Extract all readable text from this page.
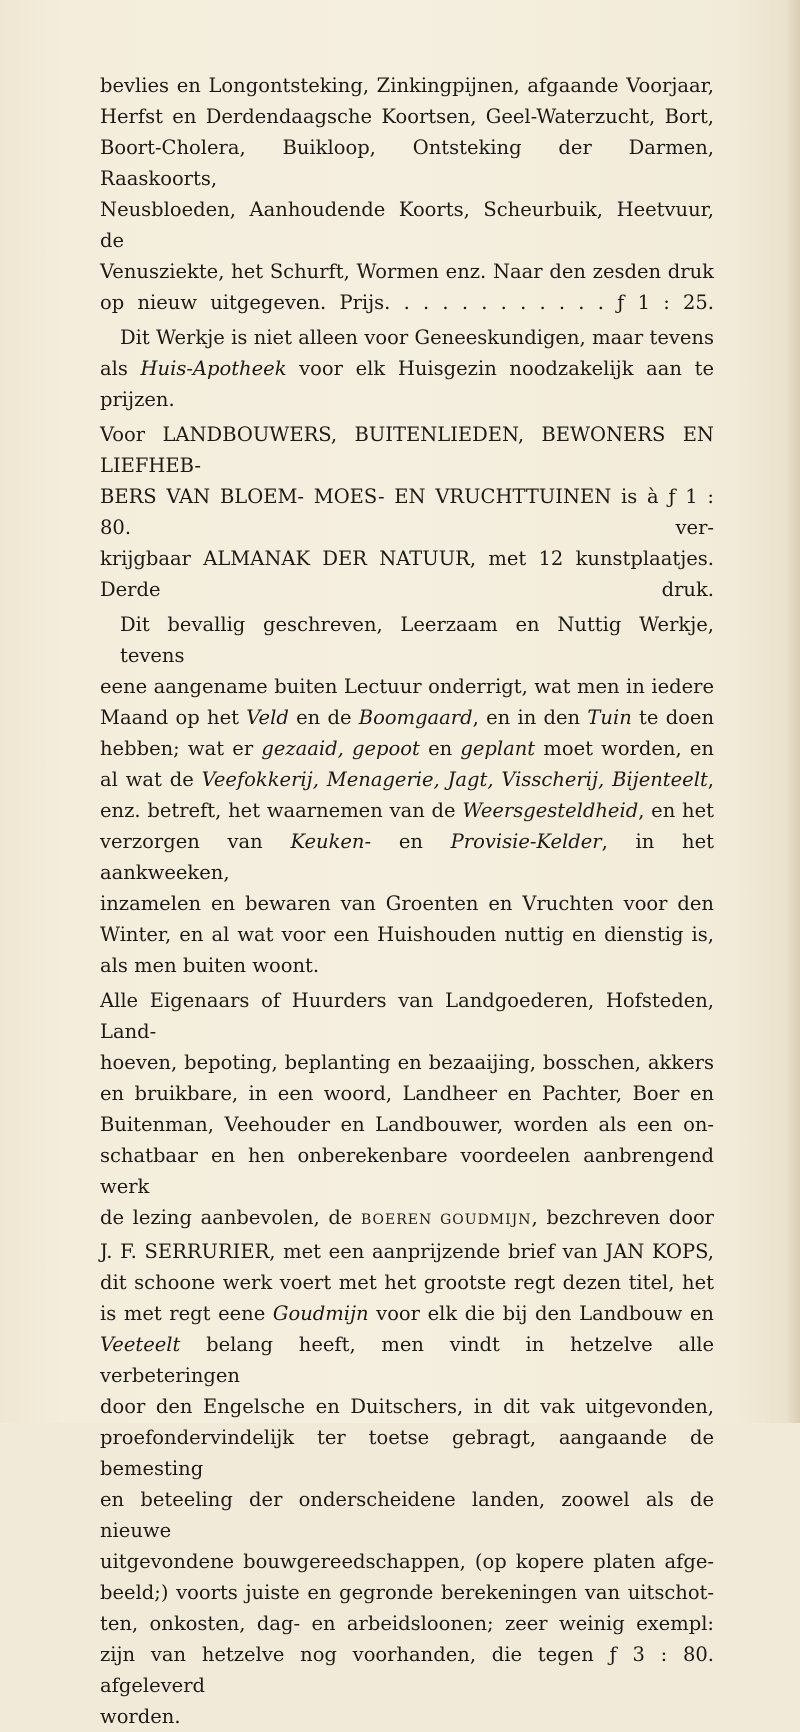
bevlies en Longontsteking, Zinkingpijnen, afgaande Voorjaar,
Herfst en Derdendaagsche Koortsen, Geel-Waterzucht, Bort,
Boort-Cholera, Buikloop, Ontsteking der Darmen, Raaskoorts,
Neusbloeden, Aanhoudende Koorts, Scheurbuik, Heetvuur, de
Venusziekte, het Schurft, Wormen enz. Naar den zesden druk
op nieuw uitgegeven. Prijs. . . . . . . . . . . . ƒ 1 : 25.

Dit Werkje is niet alleen voor Geneeskundigen, maar tevens
als Huis-Apotheek voor elk Huisgezin noodzakelijk aan te
prijzen.

Voor LANDBOUWERS, BUITENLIEDEN, BEWONERS EN LIEFHEB-
BERS VAN BLOEM- MOES- EN VRUCHTTUINEN is à ƒ 1 : 80. ver-
krijgbaar ALMANAK DER NATUUR, met 12 kunstplaatjes. Derde druk.

Dit bevallig geschreven, Leerzaam en Nuttig Werkje, tevens
eene aangename buiten Lectuur onderrigt, wat men in iedere
Maand op het Veld en de Boomgaard, en in den Tuin te doen
hebben; wat er gezaaid, gepoot en geplant moet worden, en
al wat de Veefokkerij, Menagerie, Jagt, Visscherij, Bijenteelt,
enz. betreft, het waarnemen van de Weersgesteldheid, en het
verzorgen van Keuken- en Provisie-Kelder, in het aankweeken,
inzamelen en bewaren van Groenten en Vruchten voor den
Winter, en al wat voor een Huishouden nuttig en dienstig is,
als men buiten woont.

Alle Eigenaars of Huurders van Landgoederen, Hofsteden, Land-
hoeven, bepoting, beplanting en bezaaijing, bosschen, akkers
en bruikbare, in een woord, Landheer en Pachter, Boer en
Buitenman, Veehouder en Landbouwer, worden als een on-
schatbaar en hen onberekenbare voordeelen aanbrengend werk
de lezing aanbevolen, de BOEREN GOUDMIJN, bezchreven door
J. F. SERRURIER, met een aanprijzende brief van JAN KOPS,
dit schoone werk voert met het grootste regt dezen titel, het
is met regt eene Goudmijn voor elk die bij den Landbouw en
Veeteelt belang heeft, men vindt in hetzelve alle verbeteringen
door den Engelsche en Duitschers, in dit vak uitgevonden,
proefondervindelijk ter toetse gebragt, aangaande de bemesting
en beteeling der onderscheidene landen, zoowel als de nieuwe
uitgevondene bouwgereedschappen, (op kopere platen afge-
beeld;) voorts juiste en gegronde berekeningen van uitschot-
ten, onkosten, dag- en arbeidsloonen; zeer weinig exempl:
zijn van hetzelve nog voorhanden, die tegen ƒ 3 : 80. afgeleverd
worden.
